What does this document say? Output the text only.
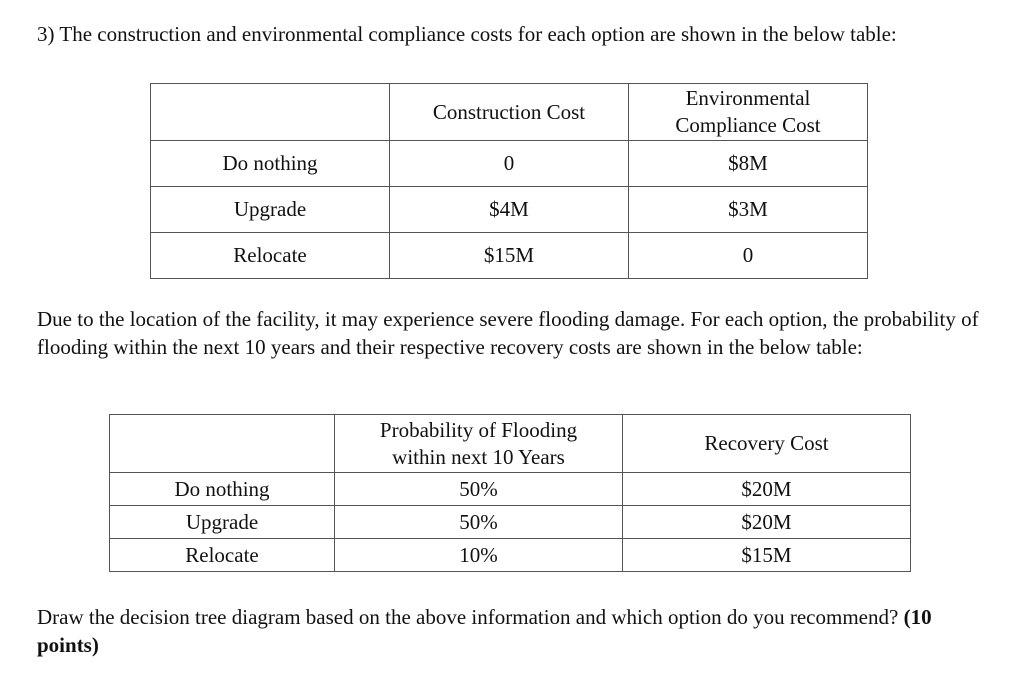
3) The construction and environmental compliance costs for each option are shown in the below table:

	Construction Cost	Environmental Compliance Cost
Do nothing	0	$8M
Upgrade	$4M	$3M
Relocate	$15M	0

Due to the location of the facility, it may experience severe flooding damage. For each option, the probability of flooding within the next 10 years and their respective recovery costs are shown in the below table:

	Probability of Flooding within next 10 Years	Recovery Cost
Do nothing	50%	$20M
Upgrade	50%	$20M
Relocate	10%	$15M

Draw the decision tree diagram based on the above information and which option do you recommend? (10 points)
